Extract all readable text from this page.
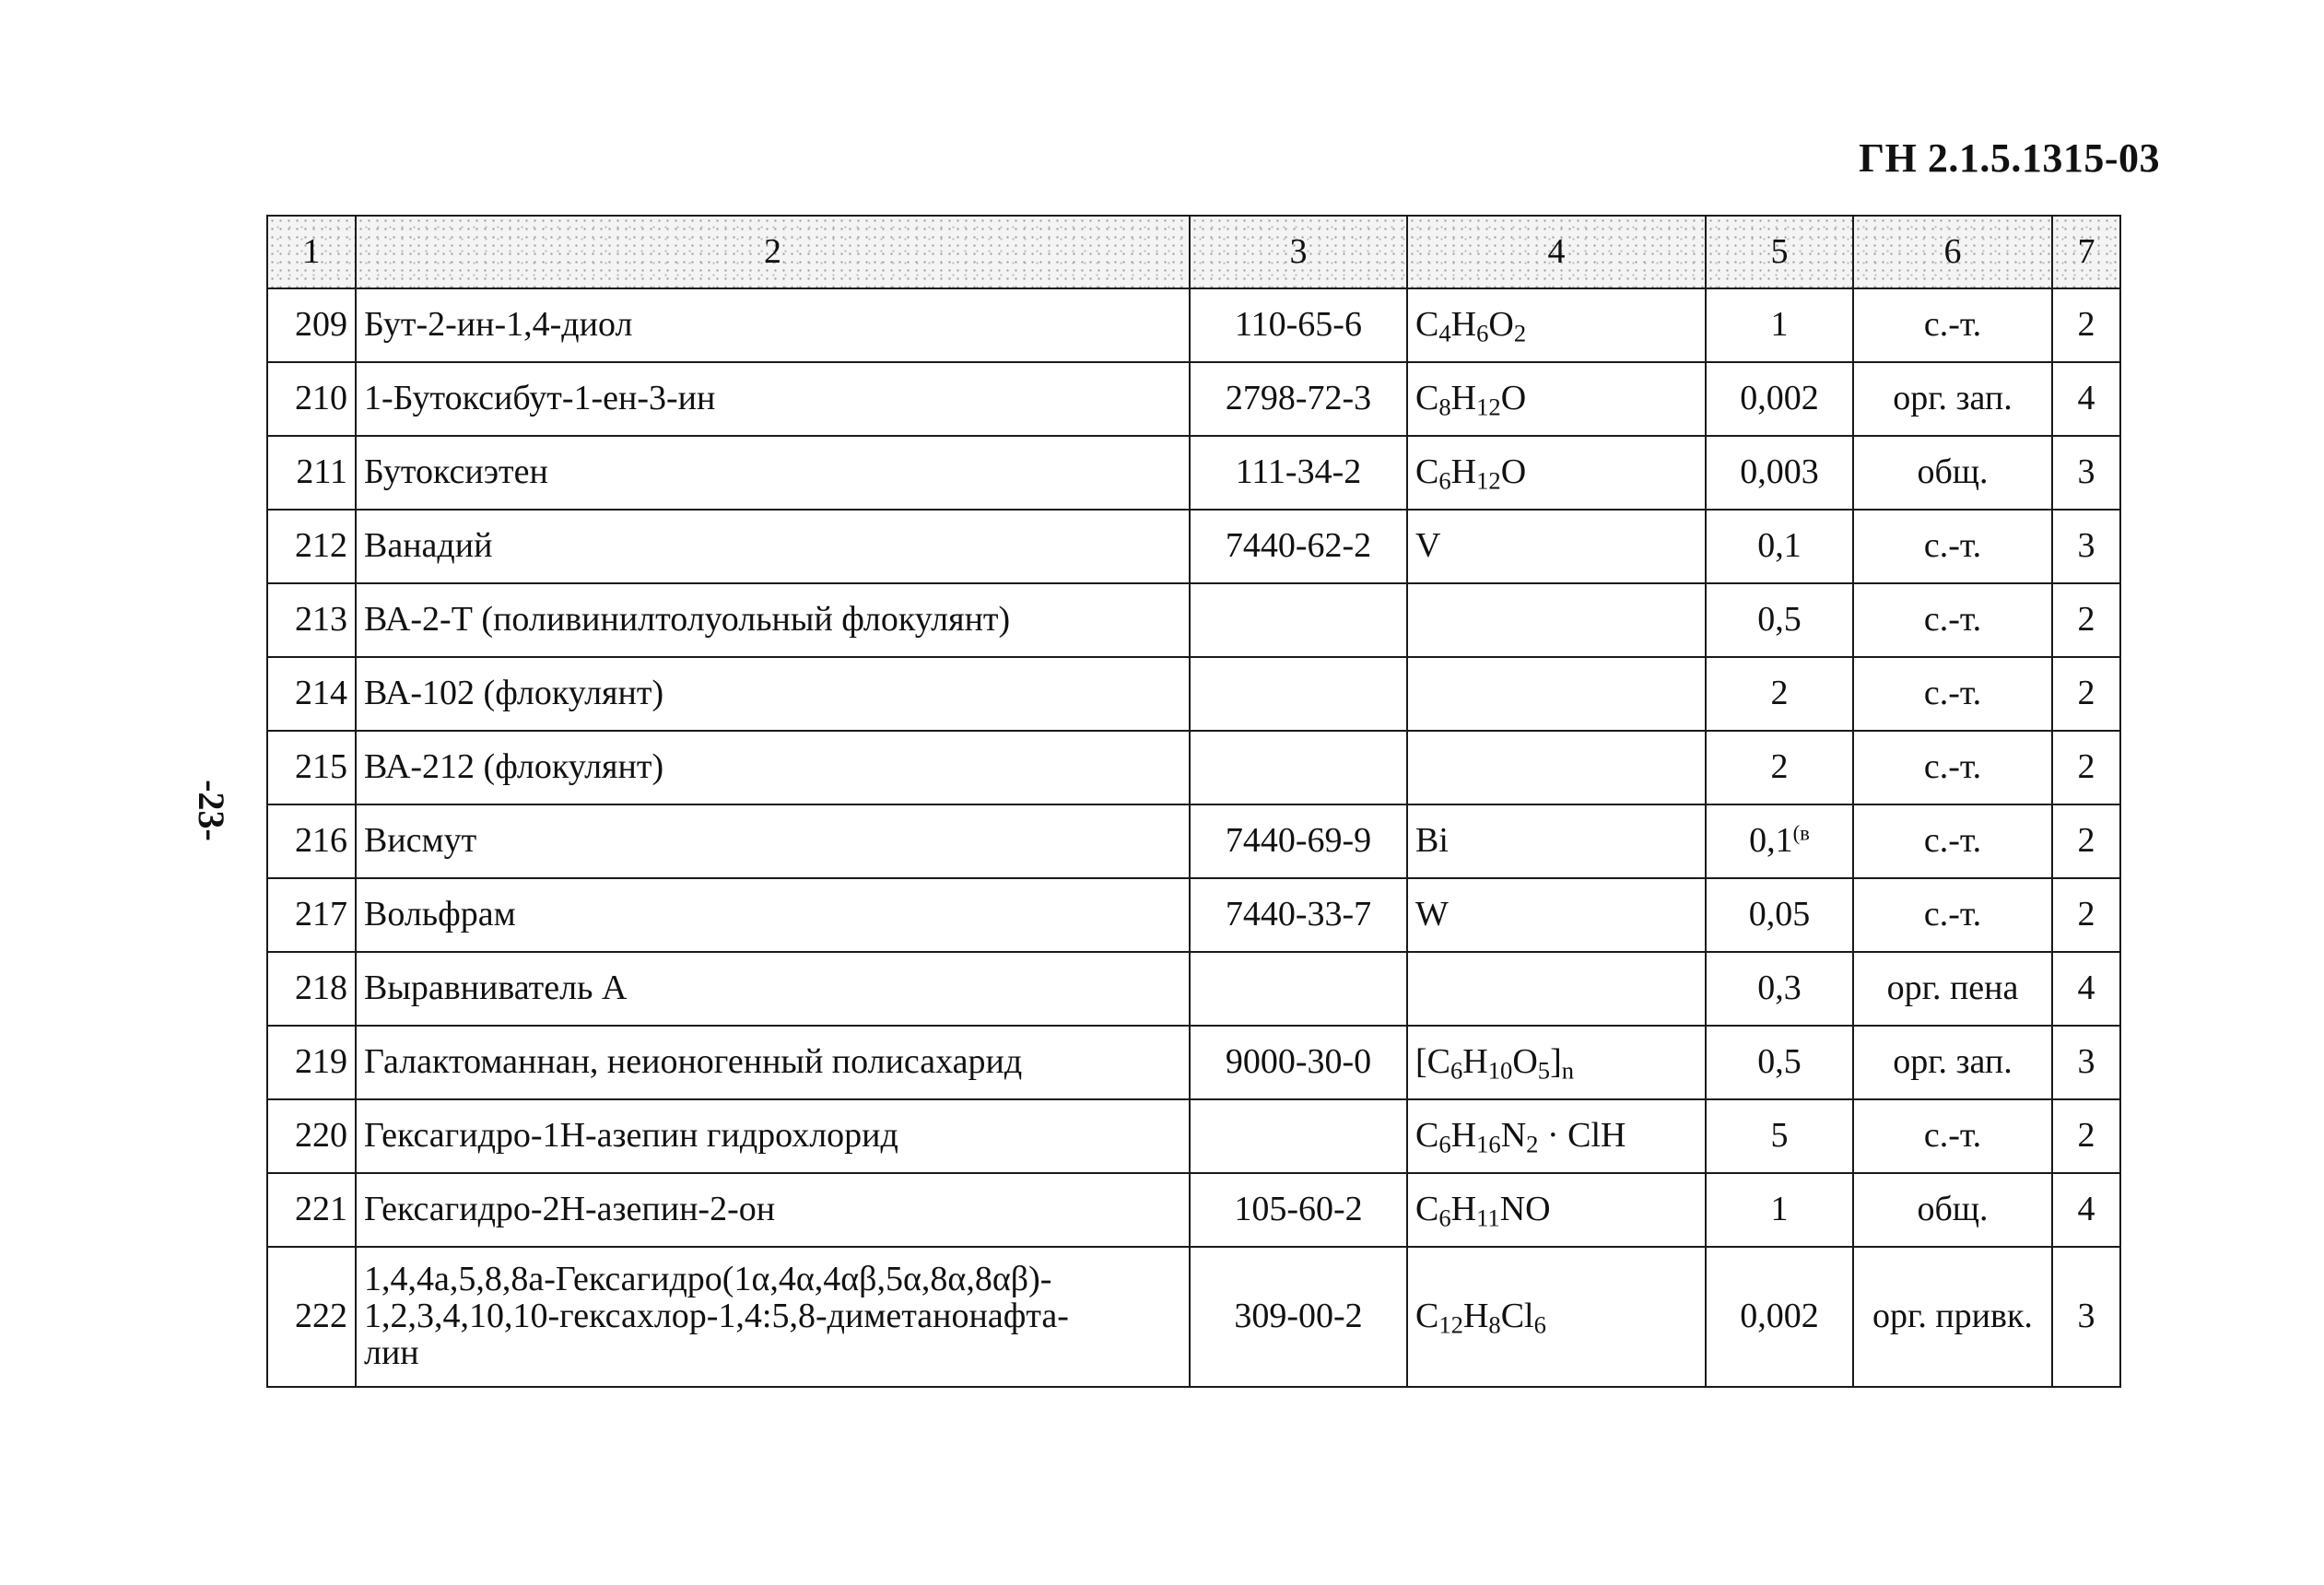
ГН 2.1.5.1315-03
-23-
1	2	3	4	5	6	7
209	Бут-2-ин-1,4-диол	110-65-6	$C_4H_6O_2$	1	с.-т.	2
210	1-Бутоксибут-1-ен-3-ин	2798-72-3	$C_8H_{12}O$	0,002	орг. зап.	4
211	Бутоксиэтен	111-34-2	$C_6H_{12}O$	0,003	общ.	3
212	Ванадий	7440-62-2	V	0,1	с.-т.	3
213	ВА-2-Т (поливинилтолуольный флокулянт)			0,5	с.-т.	2
214	ВА-102 (флокулянт)			2	с.-т.	2
215	ВА-212 (флокулянт)			2	с.-т.	2
216	Висмут	7440-69-9	Bi	$0,1^{(в}$	с.-т.	2
217	Вольфрам	7440-33-7	W	0,05	с.-т.	2
218	Выравниватель А			0,3	орг. пена	4
219	Галактоманнан, неионогенный полисахарид	9000-30-0	$[C_6H_{10}O_5]_n$	0,5	орг. зап.	3
220	Гексагидро-1Н-азепин гидрохлорид		$C_6H_{16}N_2$ · ClH	5	с.-т.	2
221	Гексагидро-2Н-азепин-2-он	105-60-2	$C_6H_{11}NO$	1	общ.	4
222	1,4,4а,5,8,8а-Гексагидро(1α,4α,4αβ,5α,8α,8αβ)-
1,2,3,4,10,10-гексахлор-1,4:5,8-диметанонафта-
лин	309-00-2	$C_{12}H_8Cl_6$	0,002	орг. привк.	3
